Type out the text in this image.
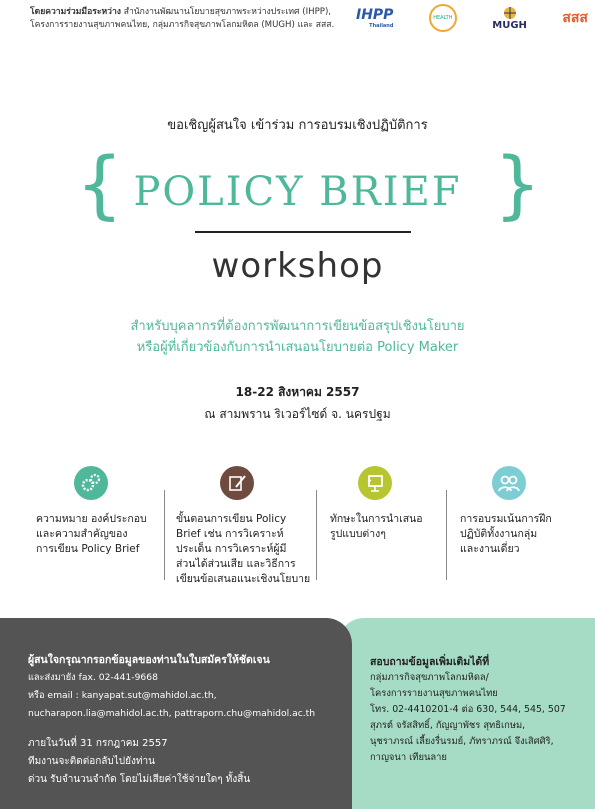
โดยความร่วมมือระหว่าง สำนักงานพัฒนานโยบายสุขภาพระหว่างประเทศ (IHPP),
โครงการรายงานสุขภาพคนไทย, กลุ่มภารกิจสุขภาพโลกมหิดล (MUGH) และ สสส.
IHPP
Thailand
HEALTH
MUGH	สสส
ขอเชิญผู้สนใจ เข้าร่วม การอบรมเชิงปฏิบัติการ
{	}
POLICY BRIEF
workshop
สำหรับบุคลากรที่ต้องการพัฒนาการเขียนข้อสรุปเชิงนโยบาย
หรือผู้ที่เกี่ยวข้องกับการนำเสนอนโยบายต่อ Policy Maker
18-22 สิงหาคม 2557
ณ สามพราน ริเวอร์ไซด์ จ. นครปฐม
ความหมาย องค์ประกอบ
และความสำคัญของ
การเขียน Policy Brief
ขั้นตอนการเขียน Policy
Brief เช่น การวิเคราะห์
ประเด็น การวิเคราะห์ผู้มี
ส่วนได้ส่วนเสีย และวิธีการ
เขียนข้อเสนอแนะเชิงนโยบาย
ทักษะในการนำเสนอ
รูปแบบต่างๆ
การอบรมเน้นการฝึก
ปฏิบัติทั้งงานกลุ่ม
และงานเดี่ยว
ผู้สนใจกรุณากรอกข้อมูลของท่านในใบสมัครให้ชัดเจน
และส่งมายัง fax. 02-441-9668
หรือ email : kanyapat.sut@mahidol.ac.th,
nucharapon.lia@mahidol.ac.th, pattraporn.chu@mahidol.ac.th
ภายในวันที่ 31 กรกฎาคม 2557
ทีมงานจะติดต่อกลับไปยังท่าน
ด่วน รับจำนวนจำกัด โดยไม่เสียค่าใช้จ่ายใดๆ ทั้งสิ้น
สอบถามข้อมูลเพิ่มเติมได้ที่
กลุ่มภารกิจสุขภาพโลกมหิดล/
โครงการรายงานสุขภาพคนไทย
โทร. 02-4410201-4 ต่อ 630, 544, 545, 507
สุภรต์ จรัสสิทธิ์, กัญญาพัชร สุทธิเกษม,
นุชราภรณ์ เลี้ยงรื่นรมย์, ภัทราภรณ์ จึงเสิศศิริ,
กาญจนา เทียนลาย
